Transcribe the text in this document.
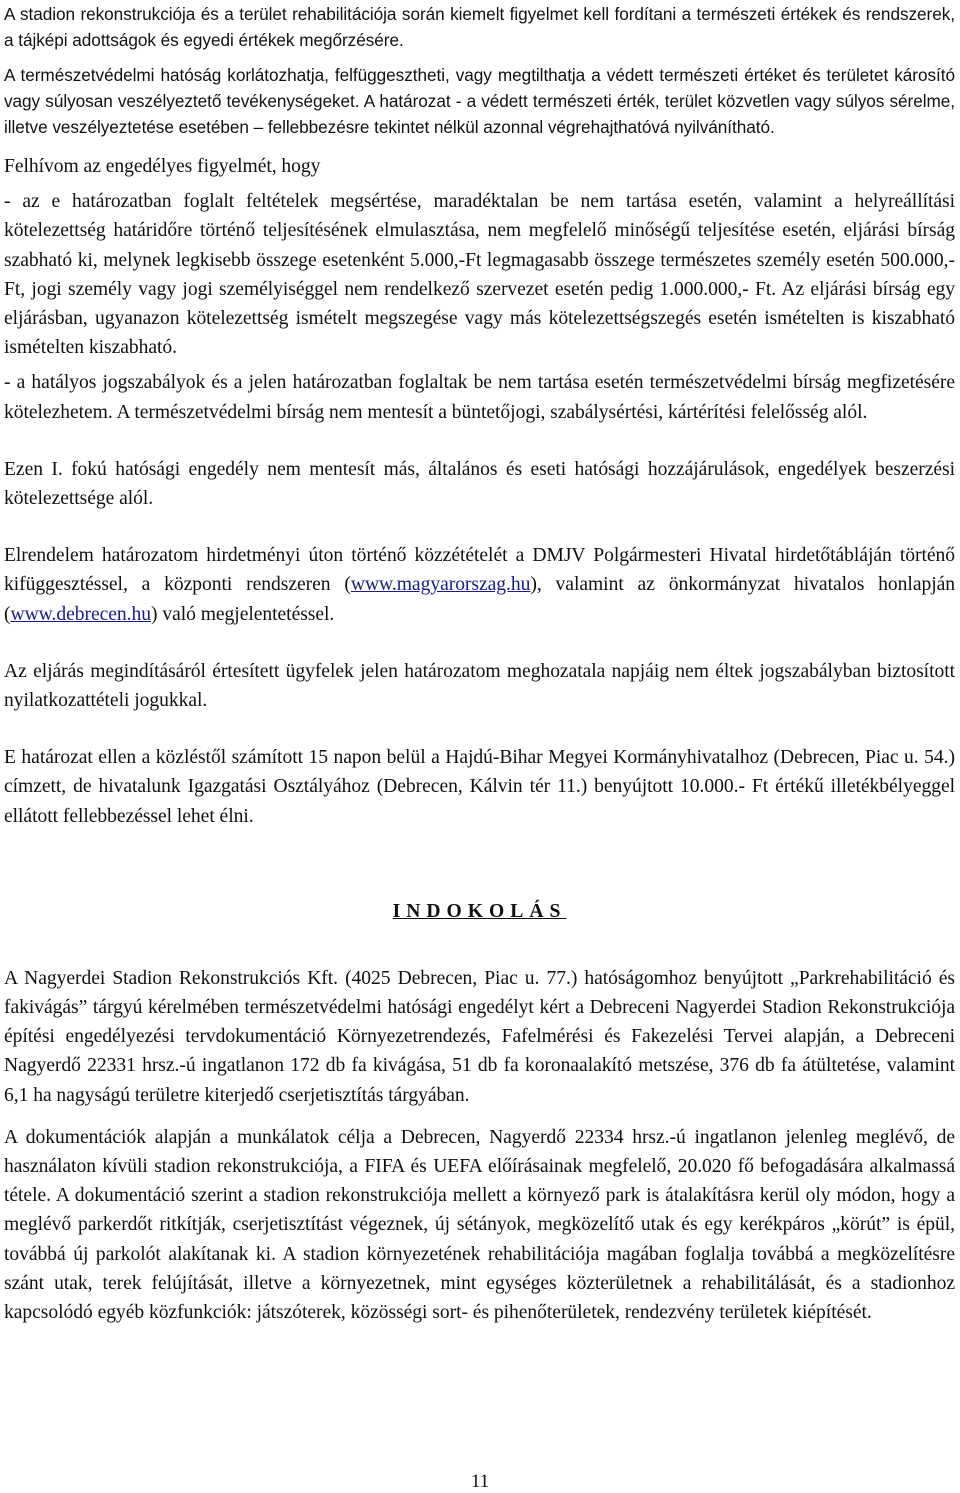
A stadion rekonstrukciója és a terület rehabilitációja során kiemelt figyelmet kell fordítani a természeti értékek és rendszerek, a tájképi adottságok és egyedi értékek megőrzésére.

A természetvédelmi hatóság korlátozhatja, felfüggesztheti, vagy megtilthatja a védett természeti értéket és területet károsító vagy súlyosan veszélyeztető tevékenységeket. A határozat - a védett természeti érték, terület közvetlen vagy súlyos sérelme, illetve veszélyeztetése esetében – fellebbezésre tekintet nélkül azonnal végrehajthatóvá nyilvánítható.

Felhívom az engedélyes figyelmét, hogy

- az e határozatban foglalt feltételek megsértése, maradéktalan be nem tartása esetén, valamint a helyreállítási kötelezettség határidőre történő teljesítésének elmulasztása, nem megfelelő minőségű teljesítése esetén, eljárási bírság szabható ki, melynek legkisebb összege esetenként 5.000,-Ft legmagasabb összege természetes személy esetén 500.000,- Ft, jogi személy vagy jogi személyiséggel nem rendelkező szervezet esetén pedig 1.000.000,- Ft. Az eljárási bírság egy eljárásban, ugyanazon kötelezettség ismételt megszegése vagy más kötelezettségszegés esetén ismételten is kiszabható ismételten kiszabható.

- a hatályos jogszabályok és a jelen határozatban foglaltak be nem tartása esetén természetvédelmi bírság megfizetésére kötelezhetem. A természetvédelmi bírság nem mentesít a büntetőjogi, szabálysértési, kártérítési felelősség alól.

Ezen I. fokú hatósági engedély nem mentesít más, általános és eseti hatósági hozzájárulások, engedélyek beszerzési kötelezettsége alól.

Elrendelem határozatom hirdetményi úton történő közzétételét a DMJV Polgármesteri Hivatal hirdetőtábláján történő kifüggesztéssel, a központi rendszeren (www.magyarorszag.hu), valamint az önkormányzat hivatalos honlapján (www.debrecen.hu) való megjelentetéssel.

Az eljárás megindításáról értesített ügyfelek jelen határozatom meghozatala napjáig nem éltek jogszabályban biztosított nyilatkozattételi jogukkal.

E határozat ellen a közléstől számított 15 napon belül a Hajdú-Bihar Megyei Kormányhivatalhoz (Debrecen, Piac u. 54.) címzett, de hivatalunk Igazgatási Osztályához (Debrecen, Kálvin tér 11.) benyújtott 10.000.- Ft értékű illetékbélyeggel ellátott fellebbezéssel lehet élni.

INDOKOLÁS

A Nagyerdei Stadion Rekonstrukciós Kft. (4025 Debrecen, Piac u. 77.) hatóságomhoz benyújtott „Parkrehabilitáció és fakivágás” tárgyú kérelmében természetvédelmi hatósági engedélyt kért a Debreceni Nagyerdei Stadion Rekonstrukciója építési engedélyezési tervdokumentáció Környezetrendezés, Fafelmérési és Fakezelési Tervei alapján, a Debreceni Nagyerdő 22331 hrsz.-ú ingatlanon 172 db fa kivágása, 51 db fa koronaalakító metszése, 376 db fa átültetése, valamint 6,1 ha nagyságú területre kiterjedő cserjetisztítás tárgyában.

A dokumentációk alapján a munkálatok célja a Debrecen, Nagyerdő 22334 hrsz.-ú ingatlanon jelenleg meglévő, de használaton kívüli stadion rekonstrukciója, a FIFA és UEFA előírásainak megfelelő, 20.020 fő befogadására alkalmassá tétele. A dokumentáció szerint a stadion rekonstrukciója mellett a környező park is átalakításra kerül oly módon, hogy a meglévő parkerdőt ritkítják, cserjetisztítást végeznek, új sétányok, megközelítő utak és egy kerékpáros „körút” is épül, továbbá új parkolót alakítanak ki. A stadion környezetének rehabilitációja magában foglalja továbbá a megközelítésre szánt utak, terek felújítását, illetve a környezetnek, mint egységes közterületnek a rehabilitálását, és a stadionhoz kapcsolódó egyéb közfunkciók: játszóterek, közösségi sort- és pihenőterületek, rendezvény területek kiépítését.

11
